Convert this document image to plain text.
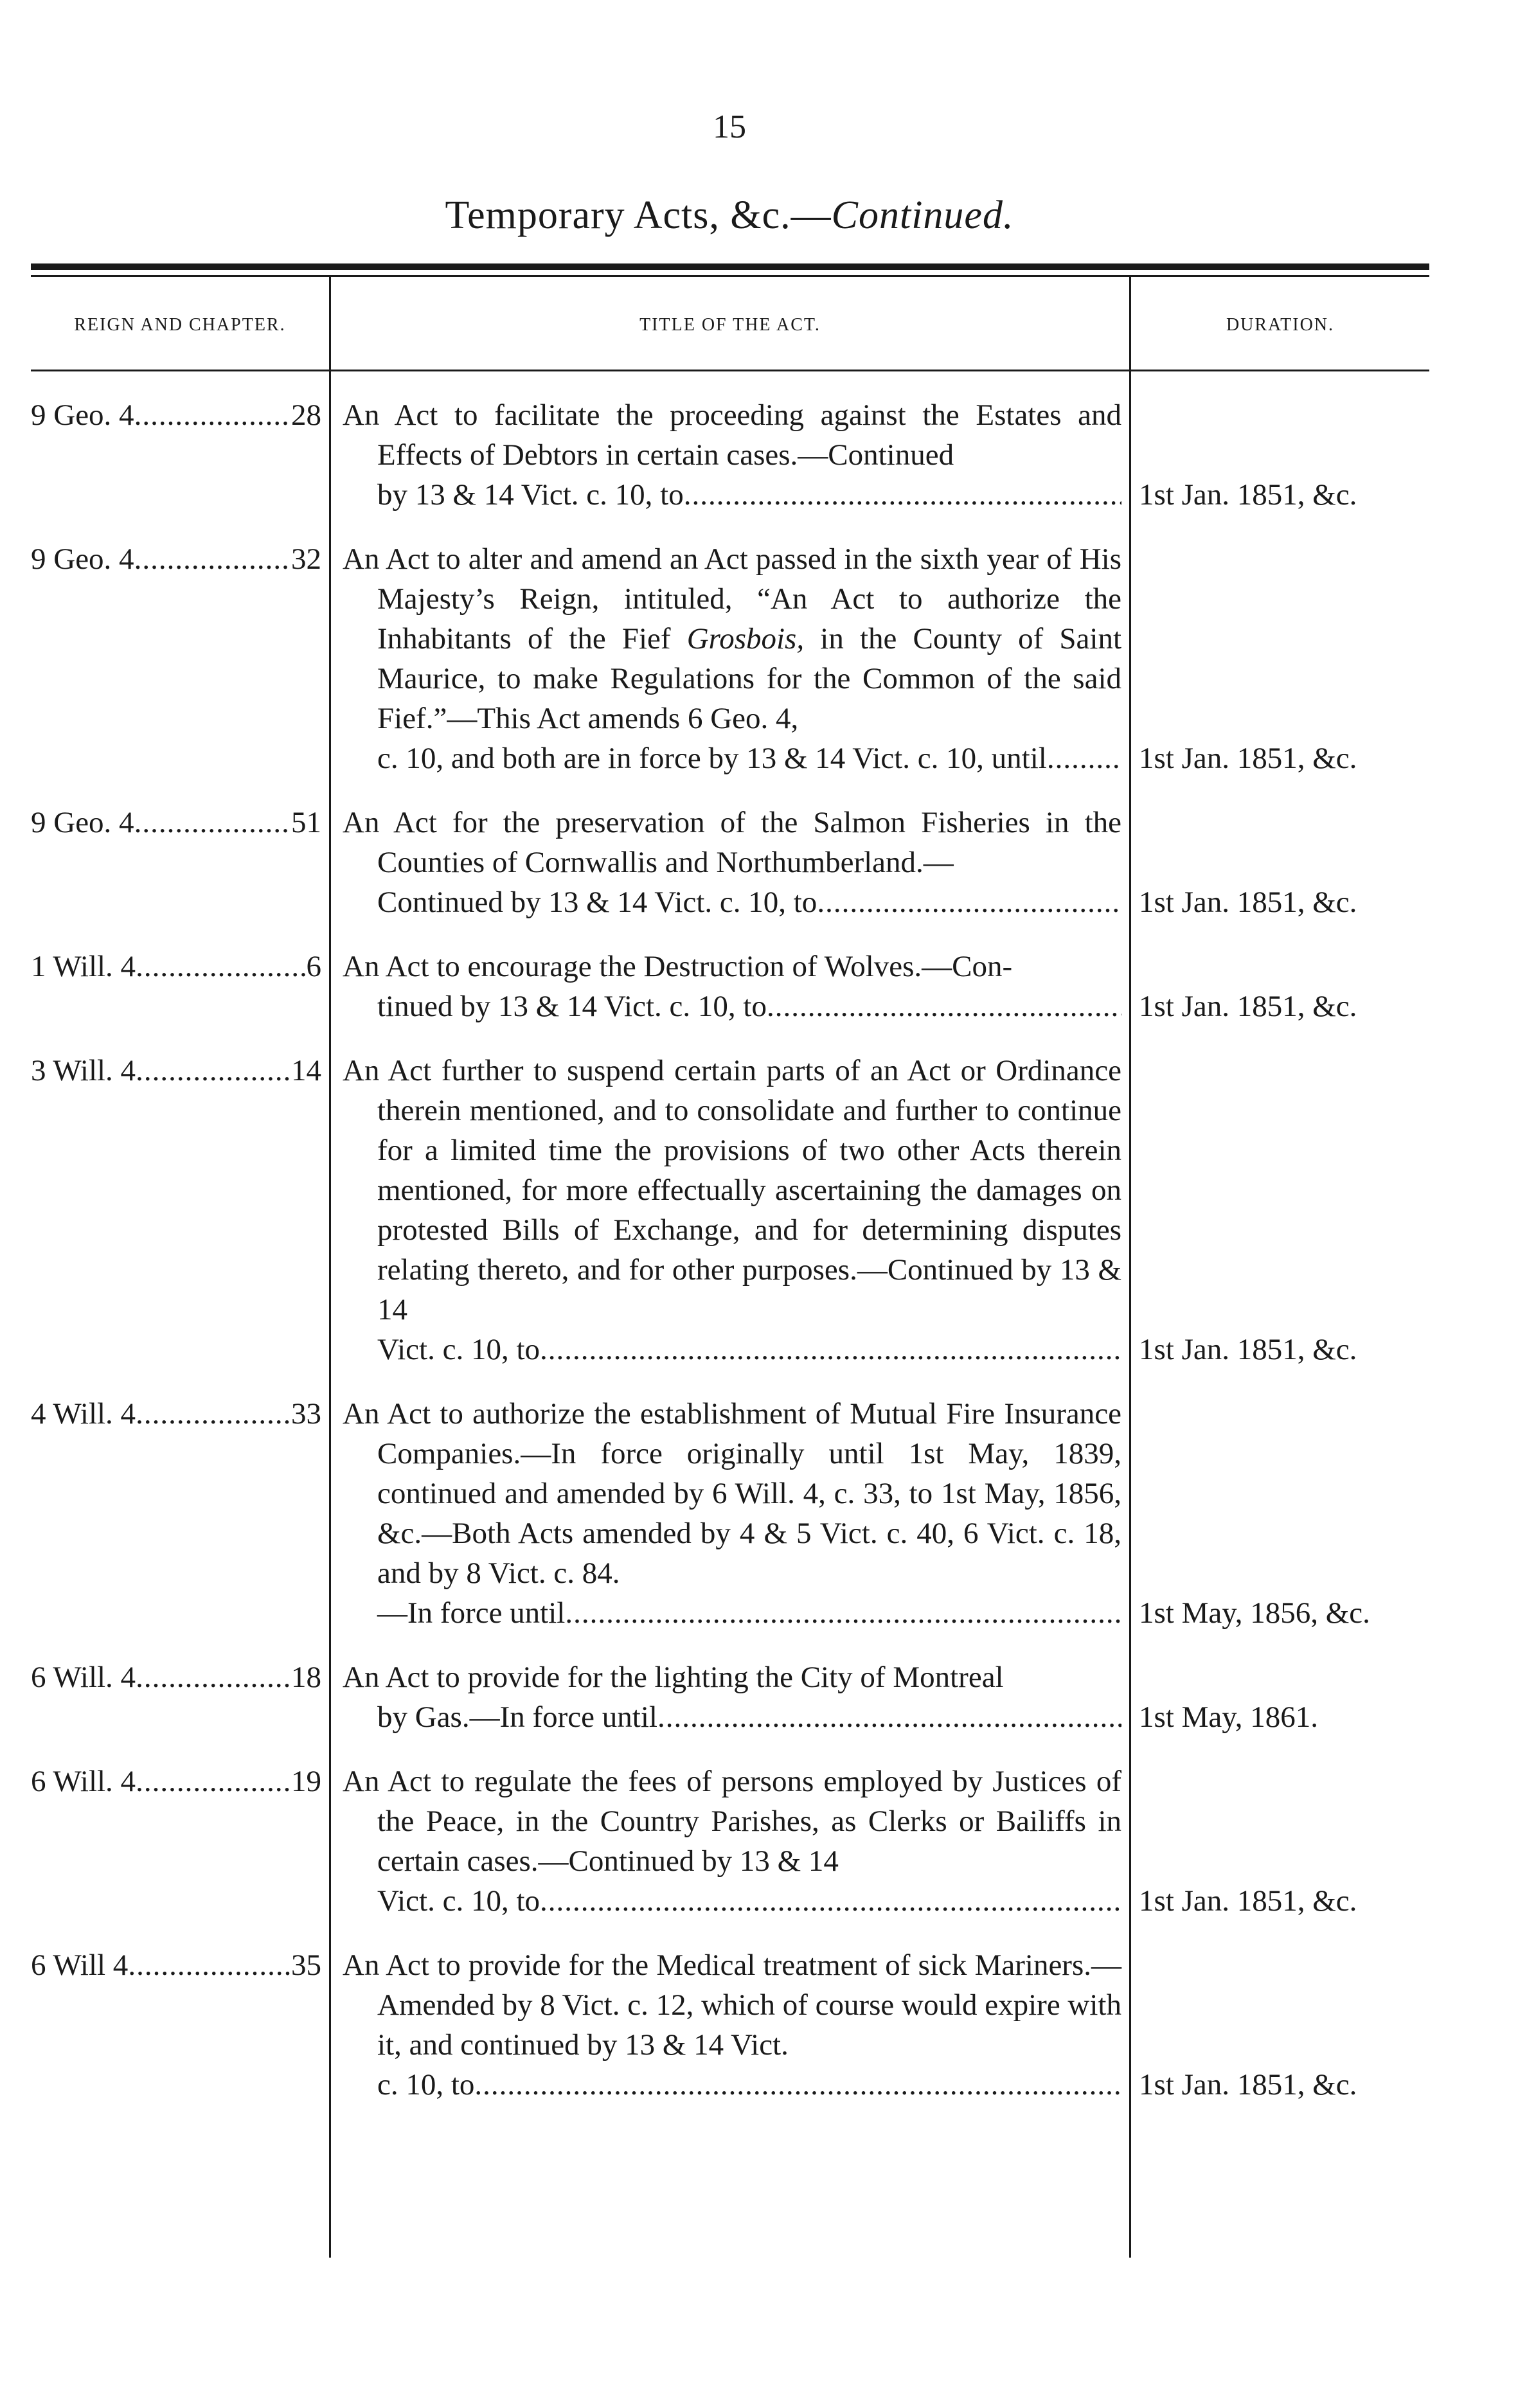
15
Temporary Acts, &c.—Continued.
REIGN AND CHAPTER.	TITLE OF THE ACT.	DURATION.
9 Geo. 4 .....	28 An Act to facilitate the proceeding against the Estates and Effects of Debtors in certain cases.—Continued
by 13 & 14 Vict. c. 10, to .....	1st Jan. 1851, &c.
9 Geo. 4 .....	32 An Act to alter and amend an Act passed in the sixth year of His Majesty’s Reign, intituled, “An Act to authorize the Inhabitants of the Fief Grosbois, in the County of Saint Maurice, to make Regulations for the Common of the said Fief.”—This Act amends 6 Geo. 4,
c. 10, and both are in force by 13 & 14 Vict. c. 10, until .....	1st Jan. 1851, &c.
9 Geo. 4 .....	51 An Act for the preservation of the Salmon Fisheries in the Counties of Cornwallis and Northumberland.—
Continued by 13 & 14 Vict. c. 10, to .....	1st Jan. 1851, &c.
1 Will. 4 .....	6 An Act to encourage the Destruction of Wolves.—Con-
tinued by 13 & 14 Vict. c. 10, to .....	1st Jan. 1851, &c.
3 Will. 4 .....	14 An Act further to suspend certain parts of an Act or Ordinance therein mentioned, and to consolidate and further to continue for a limited time the provisions of two other Acts therein mentioned, for more effectually ascertaining the damages on protested Bills of Exchange, and for determining disputes relating thereto, and for other purposes.—Continued by 13 & 14
Vict. c. 10, to .....	1st Jan. 1851, &c.
4 Will. 4 .....	33 An Act to authorize the establishment of Mutual Fire Insurance Companies.—In force originally until 1st May, 1839, continued and amended by 6 Will. 4, c. 33, to 1st May, 1856, &c.—Both Acts amended by 4 & 5 Vict. c. 40, 6 Vict. c. 18, and by 8 Vict. c. 84.
—In force until .....	1st May, 1856, &c.
6 Will. 4 .....	18 An Act to provide for the lighting the City of Montreal
by Gas.—In force until .....	1st May, 1861.
6 Will. 4 .....	19 An Act to regulate the fees of persons employed by Justices of the Peace, in the Country Parishes, as Clerks or Bailiffs in certain cases.—Continued by 13 & 14
Vict. c. 10, to .....	1st Jan. 1851, &c.
6 Will 4 .....	35 An Act to provide for the Medical treatment of sick Mariners.—Amended by 8 Vict. c. 12, which of course would expire with it, and continued by 13 & 14 Vict.
c. 10, to .....	1st Jan. 1851, &c.
